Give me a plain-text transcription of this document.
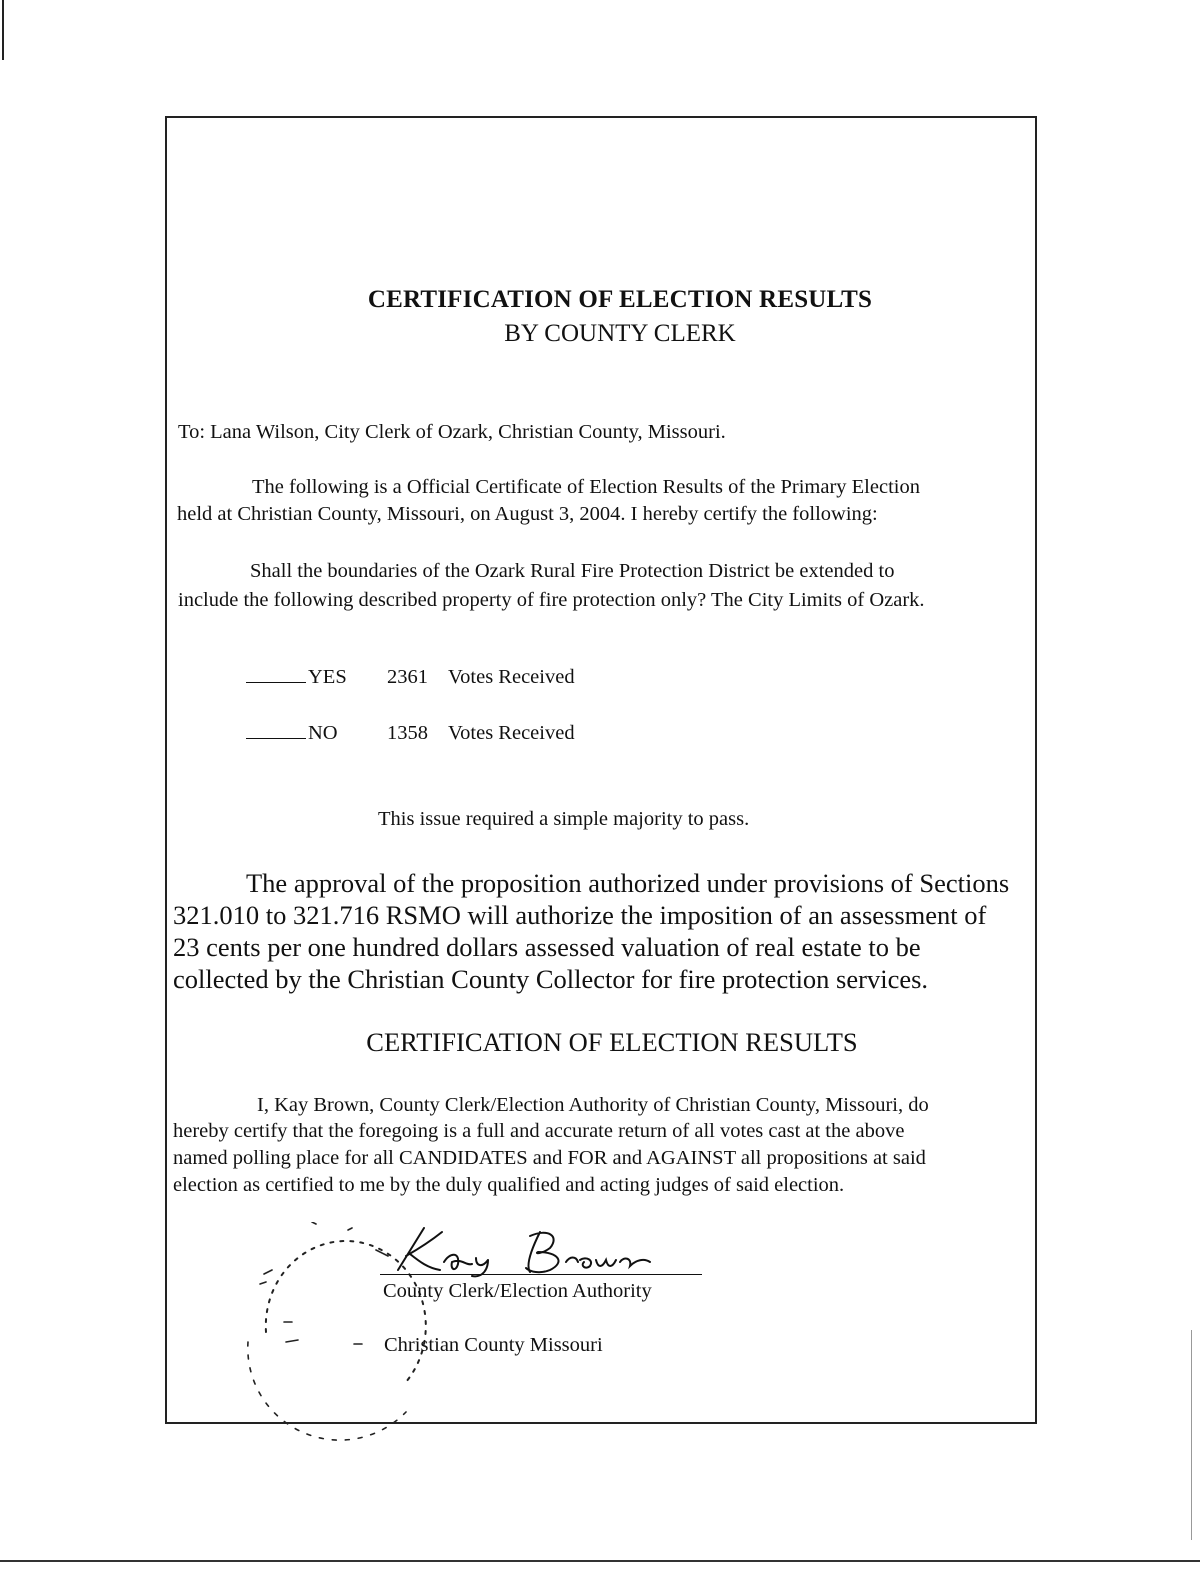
CERTIFICATION OF ELECTION RESULTS
BY COUNTY CLERK
To: Lana Wilson, City Clerk of Ozark, Christian County, Missouri.
The following is a Official Certificate of Election Results of the Primary Election
held at Christian County, Missouri, on August 3, 2004. I hereby certify the following:
Shall the boundaries of the Ozark Rural Fire Protection District be extended to
include the following described property of fire protection only? The City Limits of Ozark.
YES 2361 Votes Received
NO 1358 Votes Received
This issue required a simple majority to pass.
The approval of the proposition authorized under provisions of Sections
321.010 to 321.716 RSMO will authorize the imposition of an assessment of
23 cents per one hundred dollars assessed valuation of real estate to be
collected by the Christian County Collector for fire protection services.
CERTIFICATION OF ELECTION RESULTS
I, Kay Brown, County Clerk/Election Authority of Christian County, Missouri, do
hereby certify that the foregoing is a full and accurate return of all votes cast at the above
named polling place for all CANDIDATES and FOR and AGAINST all propositions at said
election as certified to me by the duly qualified and acting judges of said election.
County Clerk/Election Authority
Christian County Missouri
